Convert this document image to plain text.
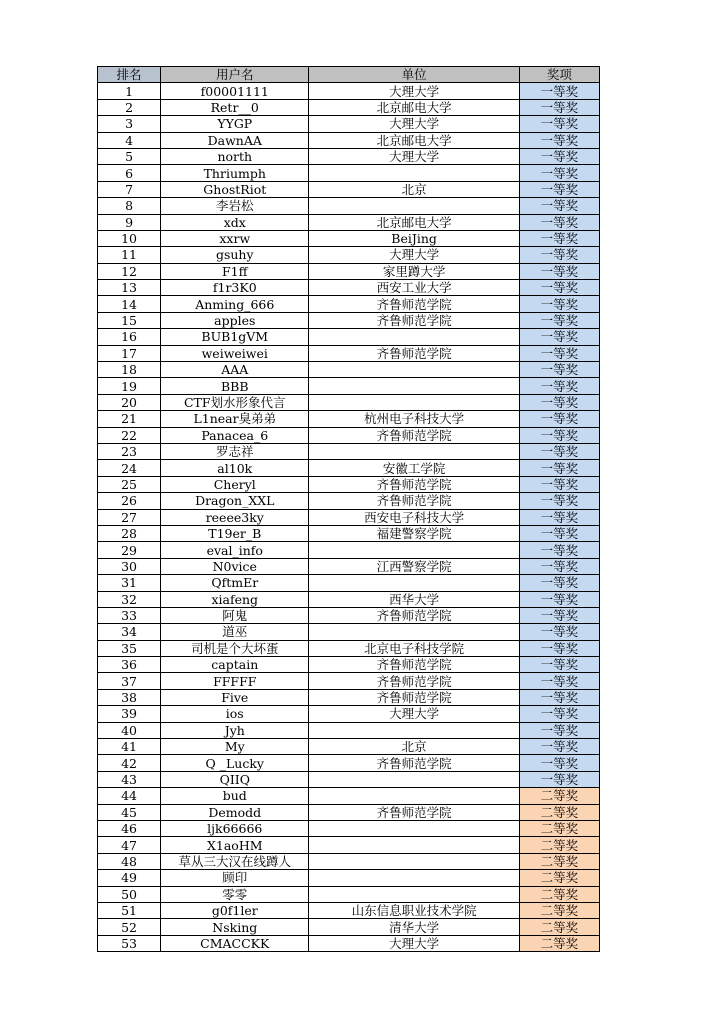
排名	用户名	单位	奖项
1	f00001111	大理大学	一等奖
2	Retr__0	北京邮电大学	一等奖
3	YYGP	大理大学	一等奖
4	DawnAA	北京邮电大学	一等奖
5	north	大理大学	一等奖
6	Thriumph		一等奖
7	GhostRiot	北京	一等奖
8	李岩松		一等奖
9	xdx	北京邮电大学	一等奖
10	xxrw	BeiJing	一等奖
11	gsuhy	大理大学	一等奖
12	F1ff	家里蹲大学	一等奖
13	f1r3K0	西安工业大学	一等奖
14	Anming_666	齐鲁师范学院	一等奖
15	apples	齐鲁师范学院	一等奖
16	BUB1gVM		一等奖
17	weiweiwei	齐鲁师范学院	一等奖
18	AAA		一等奖
19	BBB		一等奖
20	CTF划水形象代言		一等奖
21	L1near臭弟弟	杭州电子科技大学	一等奖
22	Panacea_6	齐鲁师范学院	一等奖
23	罗志祥		一等奖
24	al10k	安徽工学院	一等奖
25	Cheryl	齐鲁师范学院	一等奖
26	Dragon_XXL	齐鲁师范学院	一等奖
27	reeee3ky	西安电子科技大学	一等奖
28	T19er_B	福建警察学院	一等奖
29	eval_info		一等奖
30	N0vice	江西警察学院	一等奖
31	QftmEr		一等奖
32	xiafeng	西华大学	一等奖
33	阿鬼	齐鲁师范学院	一等奖
34	道巫		一等奖
35	司机是个大坏蛋	北京电子科技学院	一等奖
36	captain	齐鲁师范学院	一等奖
37	FFFFF	齐鲁师范学院	一等奖
38	Five	齐鲁师范学院	一等奖
39	ios	大理大学	一等奖
40	Jyh		一等奖
41	My	北京	一等奖
42	Q _Lucky	齐鲁师范学院	一等奖
43	QIIQ		一等奖
44	bud		二等奖
45	Demodd	齐鲁师范学院	二等奖
46	ljk66666		二等奖
47	X1aoHM		二等奖
48	草从三大汉在线蹲人		二等奖
49	顾印		二等奖
50	零零		二等奖
51	g0f1ler	山东信息职业技术学院	二等奖
52	Nsking	清华大学	二等奖
53	CMACCKK	大理大学	二等奖
